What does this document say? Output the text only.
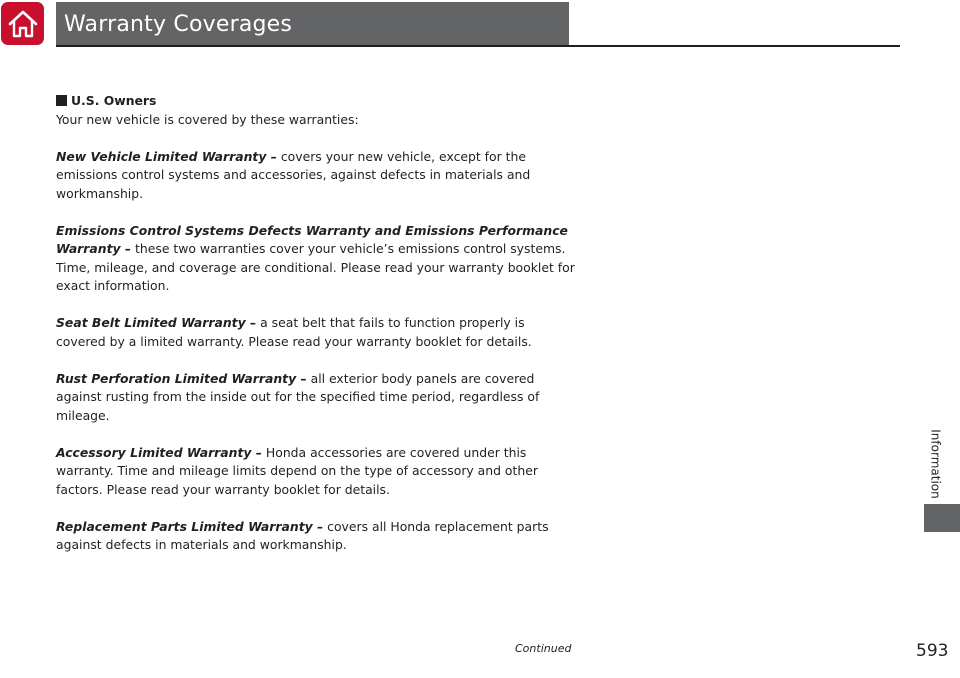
Warranty Coverages
U.S. Owners
Your new vehicle is covered by these warranties:

New Vehicle Limited Warranty – covers your new vehicle, except for the emissions control systems and accessories, against defects in materials and workmanship.

Emissions Control Systems Defects Warranty and Emissions Performance Warranty – these two warranties cover your vehicle’s emissions control systems. Time, mileage, and coverage are conditional. Please read your warranty booklet for exact information.

Seat Belt Limited Warranty – a seat belt that fails to function properly is covered by a limited warranty. Please read your warranty booklet for details.

Rust Perforation Limited Warranty – all exterior body panels are covered against rusting from the inside out for the specified time period, regardless of mileage.

Accessory Limited Warranty – Honda accessories are covered under this warranty. Time and mileage limits depend on the type of accessory and other factors. Please read your warranty booklet for details.

Replacement Parts Limited Warranty – covers all Honda replacement parts against defects in materials and workmanship.

Information
Continued	593
